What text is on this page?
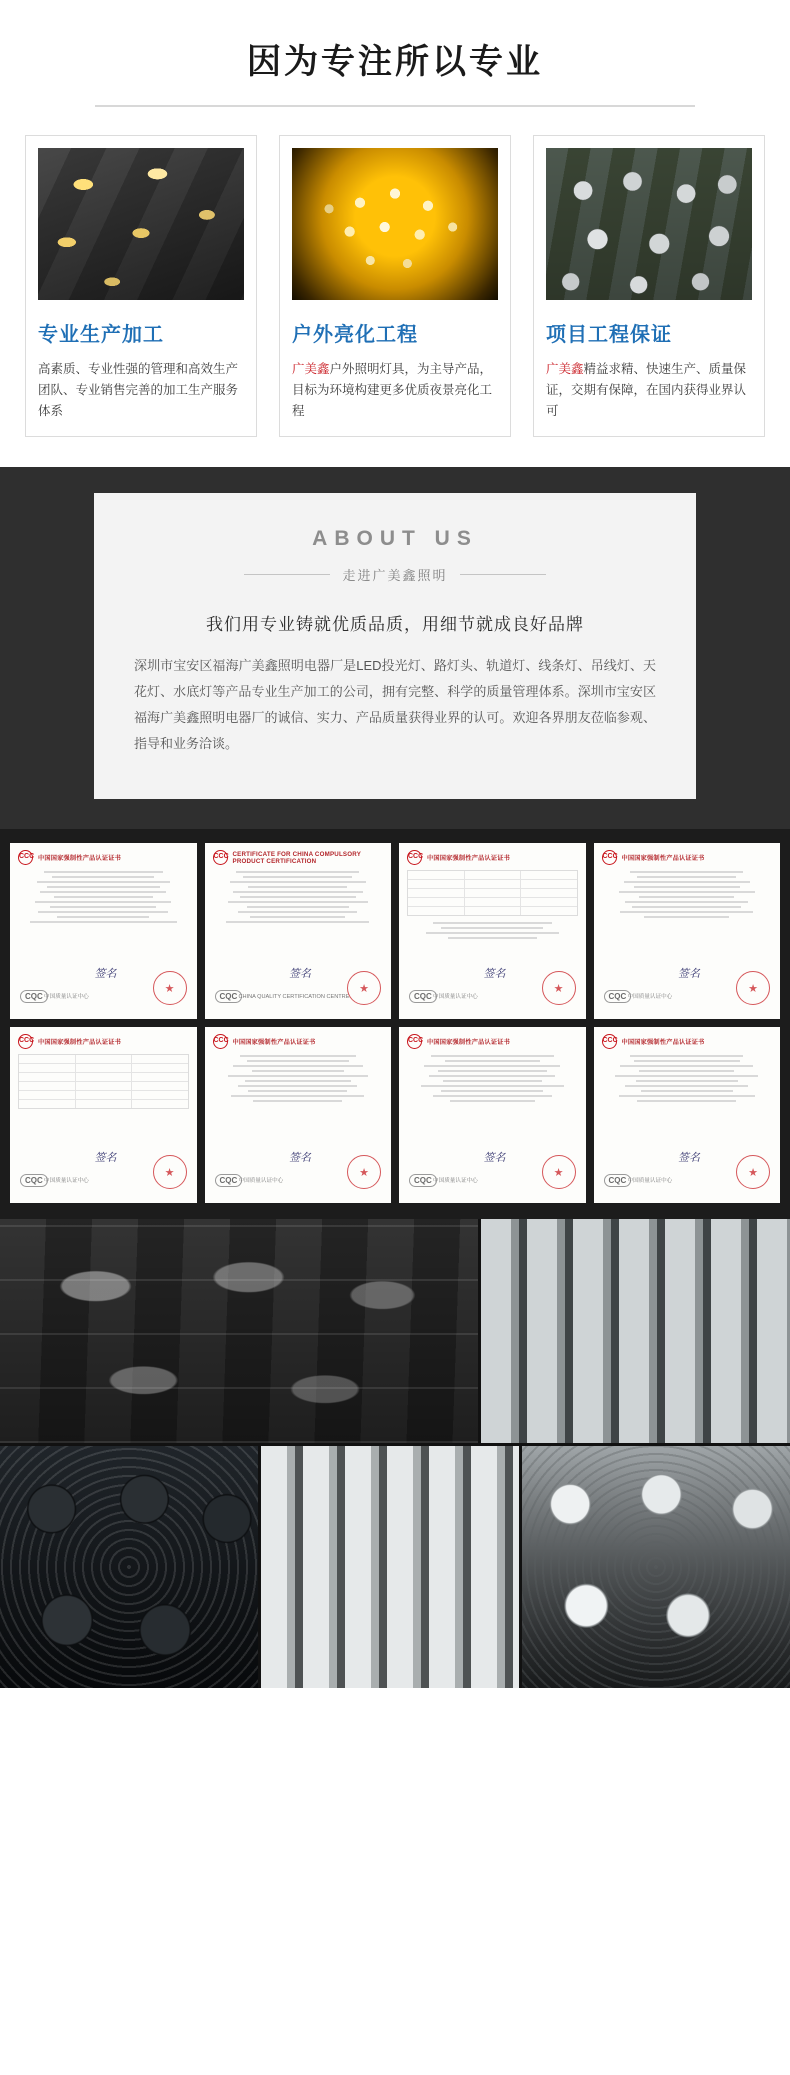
因为专注所以专业
专业生产加工
高素质、专业性强的管理和高效生产团队、专业销售完善的加工生产服务体系
户外亮化工程
广美鑫户外照明灯具，为主导产品，目标为环境构建更多优质夜景亮化工程
项目工程保证
广美鑫精益求精、快速生产、质量保证，交期有保障，在国内获得业界认可
ABOUT US
走进广美鑫照明
我们用专业铸就优质品质，用细节就成良好品牌

深圳市宝安区福海广美鑫照明电器厂是LED投光灯、路灯头、轨道灯、线条灯、吊线灯、天花灯、水底灯等产品专业生产加工的公司，拥有完整、科学的质量管理体系。深圳市宝安区福海广美鑫照明电器厂的诚信、实力、产品质量获得业界的认可。欢迎各界朋友莅临参观、指导和业务洽谈。

CCC 中国国家强制性产品认证证书
签名
CQC 中国质量认证中心
★
CCC CERTIFICATE FOR CHINA COMPULSORY PRODUCT CERTIFICATION
签名
CQC CHINA QUALITY CERTIFICATION CENTRE
★
CCC 中国国家强制性产品认证证书
签名
CQC 中国质量认证中心
★
CCC 中国国家强制性产品认证证书
签名
CQC 中国质量认证中心
★
CCC 中国国家强制性产品认证证书
签名
CQC 中国质量认证中心
★
CCC 中国国家强制性产品认证证书
签名
CQC 中国质量认证中心
★
CCC 中国国家强制性产品认证证书
签名
CQC 中国质量认证中心
★
CCC 中国国家强制性产品认证证书
签名
CQC 中国质量认证中心
★
